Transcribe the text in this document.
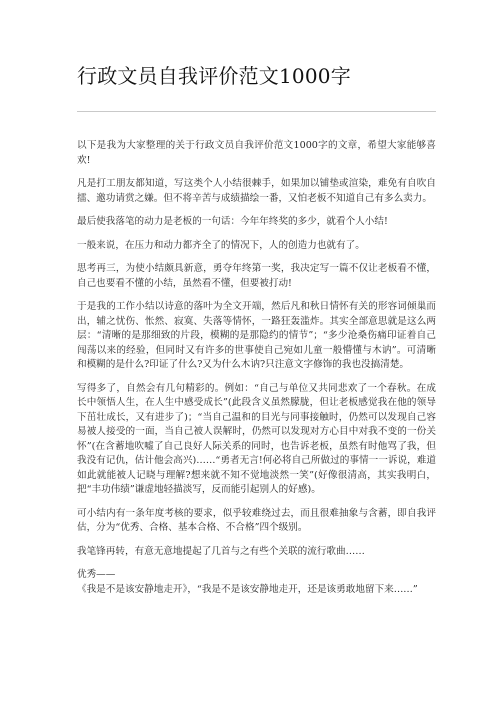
行政文员自我评价范文1000字

以下是我为大家整理的关于行政文员自我评价范文1000字的文章，希望大家能够喜欢!

凡是打工朋友都知道，写这类个人小结很棘手，如果加以铺垫或渲染，难免有自吹自擂、邀功请赏之嫌。但不将辛苦与成绩描绘一番，又怕老板不知道自己有多么卖力。

最后使我落笔的动力是老板的一句话：今年年终奖的多少，就看个人小结!

一般来说，在压力和动力都齐全了的情况下，人的创造力也就有了。

思考再三，为使小结颇具新意，勇夺年终第一奖，我决定写一篇不仅让老板看不懂，自己也要看不懂的小结，虽然看不懂，但要被打动!

于是我的工作小结以诗意的落叶为全文开端，然后凡和秋日情怀有关的形容词倾巢而出，辅之忧伤、怅然、寂寞、失落等情怀，一路狂轰滥炸。其实全部意思就是这么两层：“清晰的是那细致的片段，模糊的是那隐约的情节”；“多少沧桑伤痛印证着自己闯荡以来的经验，但同时又有许多的世事使自己宛如儿童一般懵懂与木讷”。可清晰和模糊的是什么?印证了什么?又为什么木讷?只注意文字修饰的我也没搞清楚。

写得多了，自然会有几句精彩的。例如：“自己与单位又共同悲欢了一个春秋。在成长中领悟人生，在人生中感受成长”(此段含义虽然朦胧，但让老板感觉我在他的领导下茁壮成长，又有进步了)；“当自己温和的目光与同事接触时，仍然可以发现自己容易被人接受的一面，当自己被人误解时，仍然可以发现对方心目中对我不变的一份关怀”(在含蓄地吹嘘了自己良好人际关系的同时，也告诉老板，虽然有时他骂了我，但我没有记仇，估计他会高兴)……“勇者无言!何必将自己所做过的事情一一诉说，难道如此就能被人记晓与理解?想来就不知不觉地淡然一笑”(好像很清高，其实我明白，把“丰功伟绩”谦虚地轻描淡写，反而能引起别人的好感)。

可小结内有一条年度考核的要求，似乎较难绕过去，而且很难抽象与含蓄，即自我评估，分为“优秀、合格、基本合格、不合格”四个级别。

我笔锋再转，有意无意地提起了几首与之有些个关联的流行歌曲……

优秀——

《我是不是该安静地走开》，“我是不是该安静地走开，还是该勇敢地留下来……”
